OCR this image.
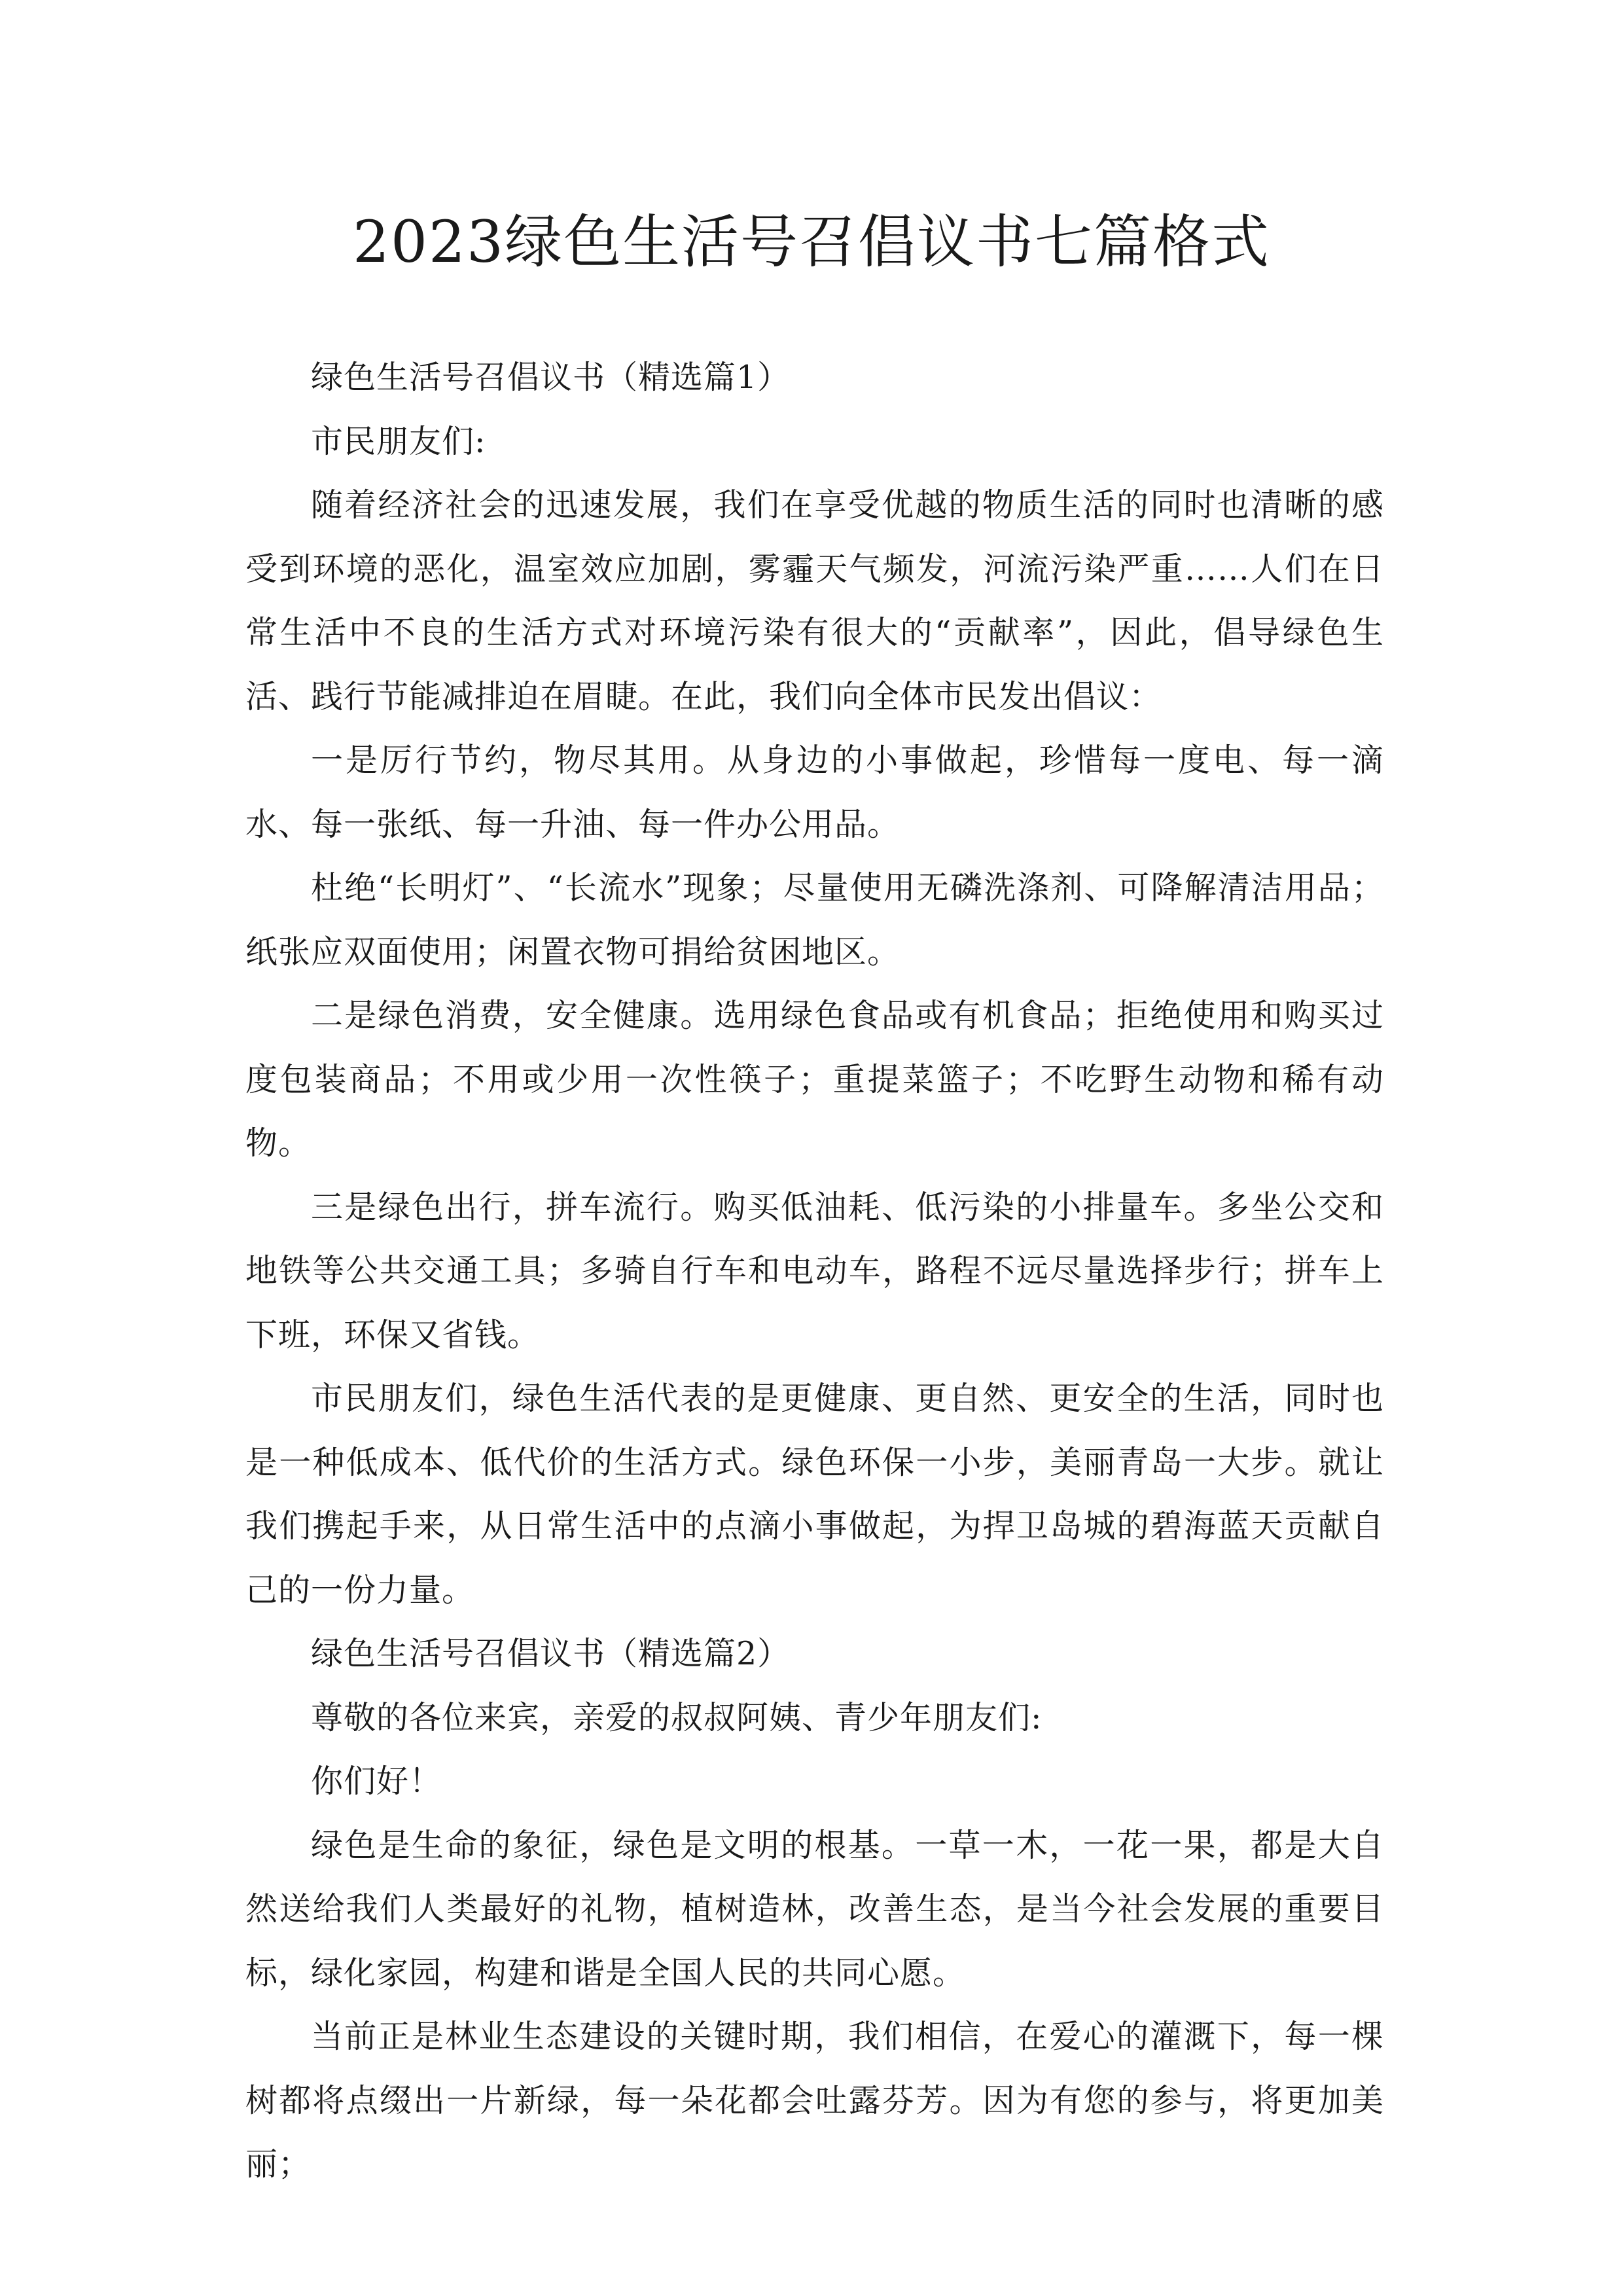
2023绿色生活号召倡议书七篇格式

绿色生活号召倡议书（精选篇1）

市民朋友们:

随着经济社会的迅速发展，我们在享受优越的物质生活的同时也清晰的感受到环境的恶化，温室效应加剧，雾霾天气频发，河流污染严重……人们在日常生活中不良的生活方式对环境污染有很大的“贡献率”，因此，倡导绿色生活、践行节能减排迫在眉睫。在此，我们向全体市民发出倡议：

一是厉行节约，物尽其用。从身边的小事做起，珍惜每一度电、每一滴水、每一张纸、每一升油、每一件办公用品。

杜绝“长明灯”、“长流水”现象；尽量使用无磷洗涤剂、可降解清洁用品；纸张应双面使用；闲置衣物可捐给贫困地区。

二是绿色消费，安全健康。选用绿色食品或有机食品；拒绝使用和购买过度包装商品；不用或少用一次性筷子；重提菜篮子；不吃野生动物和稀有动物。

三是绿色出行，拼车流行。购买低油耗、低污染的小排量车。多坐公交和地铁等公共交通工具；多骑自行车和电动车，路程不远尽量选择步行；拼车上下班，环保又省钱。

市民朋友们，绿色生活代表的是更健康、更自然、更安全的生活，同时也是一种低成本、低代价的生活方式。绿色环保一小步，美丽青岛一大步。就让我们携起手来，从日常生活中的点滴小事做起，为捍卫岛城的碧海蓝天贡献自己的一份力量。

绿色生活号召倡议书（精选篇2）

尊敬的各位来宾，亲爱的叔叔阿姨、青少年朋友们:

你们好！

绿色是生命的象征，绿色是文明的根基。一草一木，一花一果，都是大自然送给我们人类最好的礼物，植树造林，改善生态，是当今社会发展的重要目标，绿化家园，构建和谐是全国人民的共同心愿。

当前正是林业生态建设的关键时期，我们相信，在爱心的灌溉下，每一棵树都将点缀出一片新绿，每一朵花都会吐露芬芳。因为有您的参与，将更加美丽；
